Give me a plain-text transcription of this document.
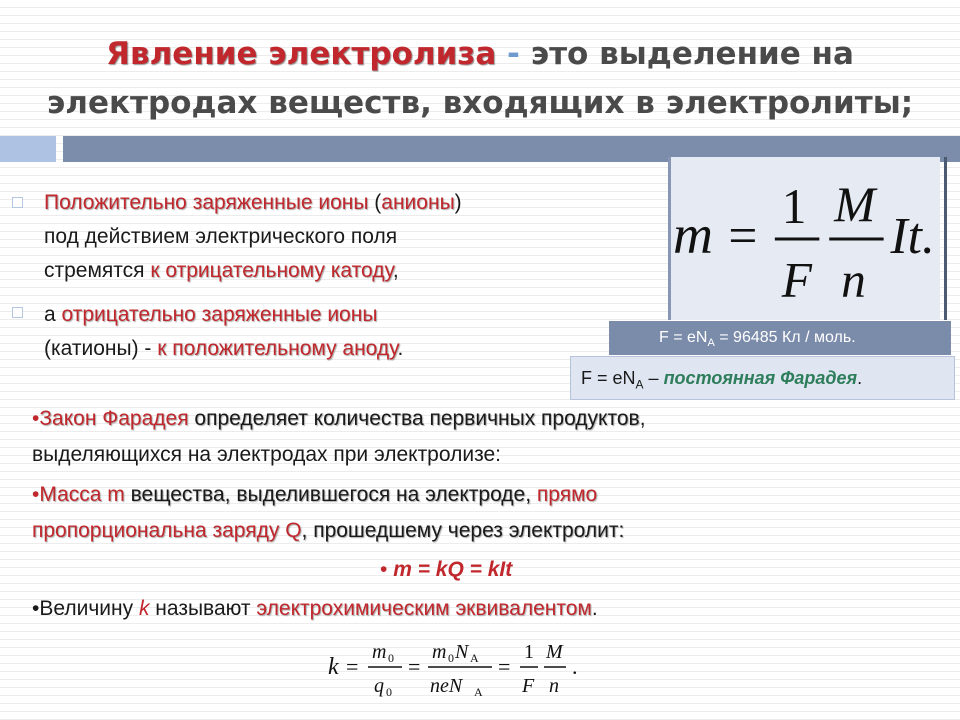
Явление электролиза - это выделение на
электродах веществ, входящих в электролиты;
Положительно заряженные ионы (анионы)
под действием электрического поля
стремятся к отрицательному катоду,
а отрицательно заряженные ионы
(катионы) - к положительному аноду.
m =
1
F
M
n
It.
$F = eN_A = 96485$ Кл / моль.
$F = eN_A$ – постоянная Фарадея.
•Закон Фарадея определяет количества первичных продуктов,
выделяющихся на электродах при электролизе:
•Масса m вещества, выделившегося на электроде, прямо
пропорциональна заряду Q, прошедшему через электролит:
• m = kQ = kIt
•Величину k называют электрохимическим эквивалентом.
k =
m 0
q 0
=
m 0 N A
neN A
=
1
F
M
n
.
